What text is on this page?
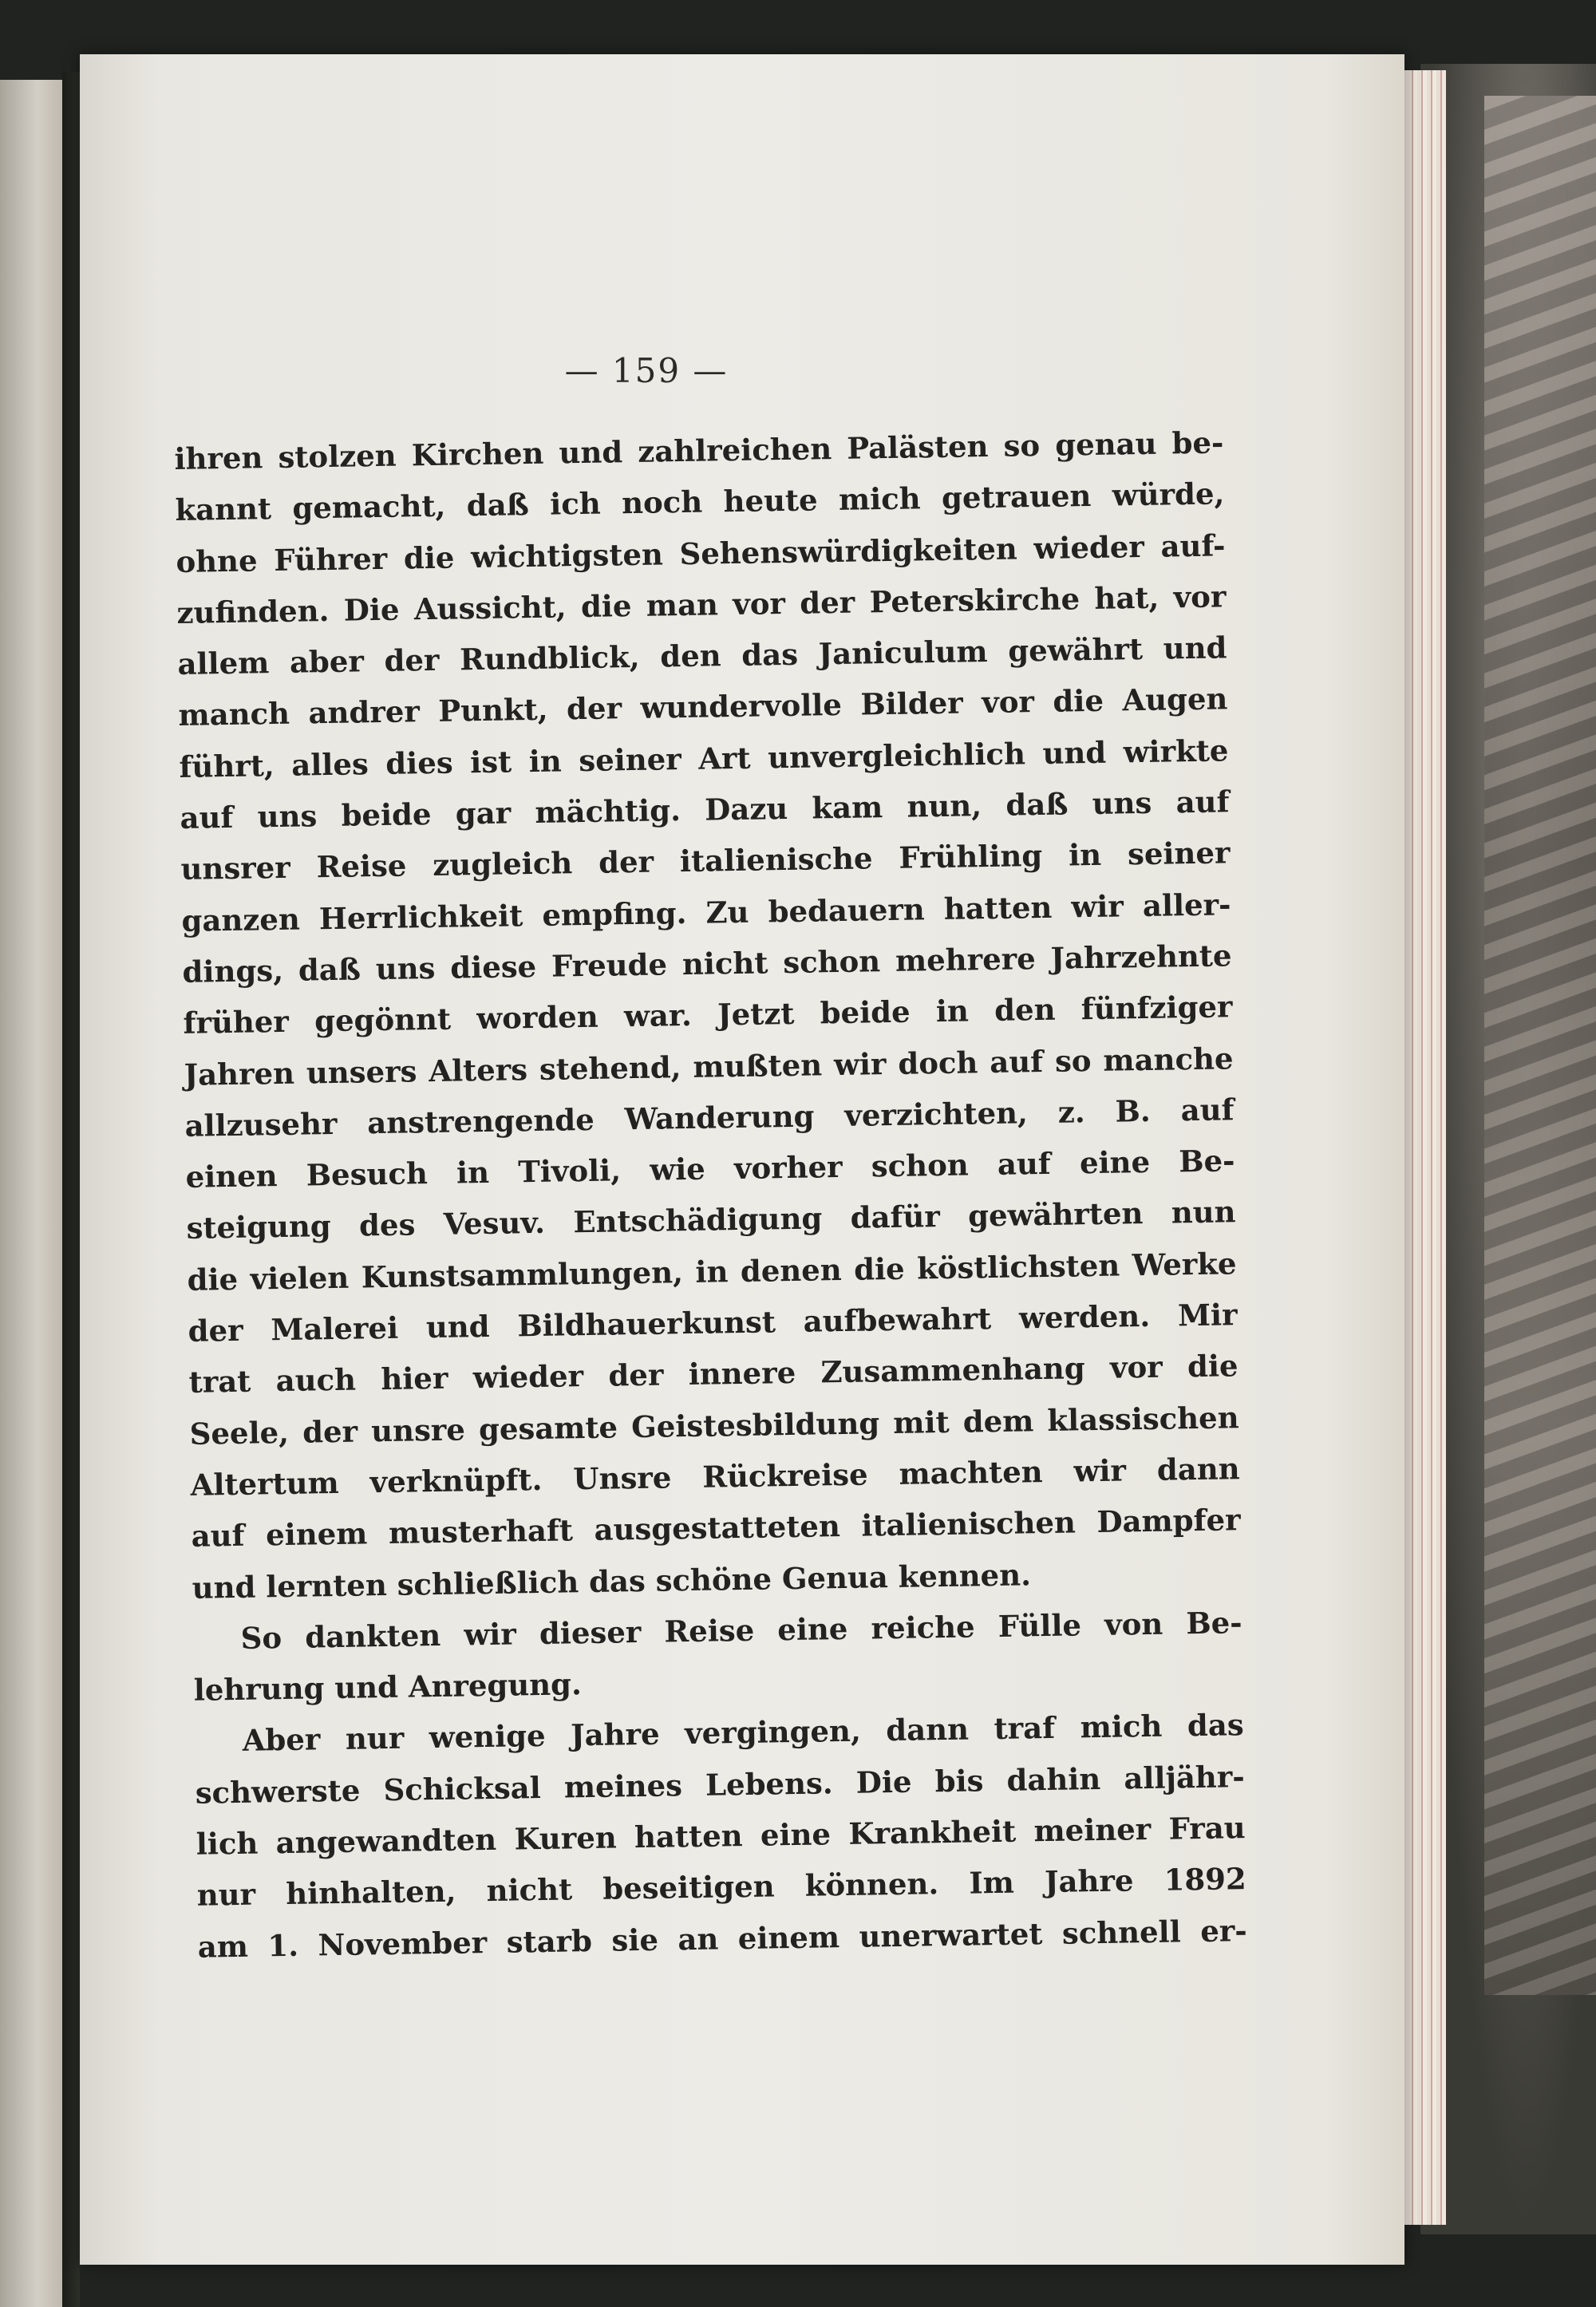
— 159 —
ihren stolzen Kirchen und zahlreichen Palästen so genau be-
kannt gemacht, daß ich noch heute mich getrauen würde,
ohne Führer die wichtigsten Sehenswürdigkeiten wieder auf-
zufinden. Die Aussicht, die man vor der Peterskirche hat, vor
allem aber der Rundblick, den das Janiculum gewährt und
manch andrer Punkt, der wundervolle Bilder vor die Augen
führt, alles dies ist in seiner Art unvergleichlich und wirkte
auf uns beide gar mächtig. Dazu kam nun, daß uns auf
unsrer Reise zugleich der italienische Frühling in seiner
ganzen Herrlichkeit empfing. Zu bedauern hatten wir aller-
dings, daß uns diese Freude nicht schon mehrere Jahrzehnte
früher gegönnt worden war. Jetzt beide in den fünfziger
Jahren unsers Alters stehend, mußten wir doch auf so manche
allzusehr anstrengende Wanderung verzichten, z. B. auf
einen Besuch in Tivoli, wie vorher schon auf eine Be-
steigung des Vesuv. Entschädigung dafür gewährten nun
die vielen Kunstsammlungen, in denen die köstlichsten Werke
der Malerei und Bildhauerkunst aufbewahrt werden. Mir
trat auch hier wieder der innere Zusammenhang vor die
Seele, der unsre gesamte Geistesbildung mit dem klassischen
Altertum verknüpft. Unsre Rückreise machten wir dann
auf einem musterhaft ausgestatteten italienischen Dampfer
und lernten schließlich das schöne Genua kennen.
So dankten wir dieser Reise eine reiche Fülle von Be-
lehrung und Anregung.
Aber nur wenige Jahre vergingen, dann traf mich das
schwerste Schicksal meines Lebens. Die bis dahin alljähr-
lich angewandten Kuren hatten eine Krankheit meiner Frau
nur hinhalten, nicht beseitigen können. Im Jahre 1892
am 1. November starb sie an einem unerwartet schnell er-
